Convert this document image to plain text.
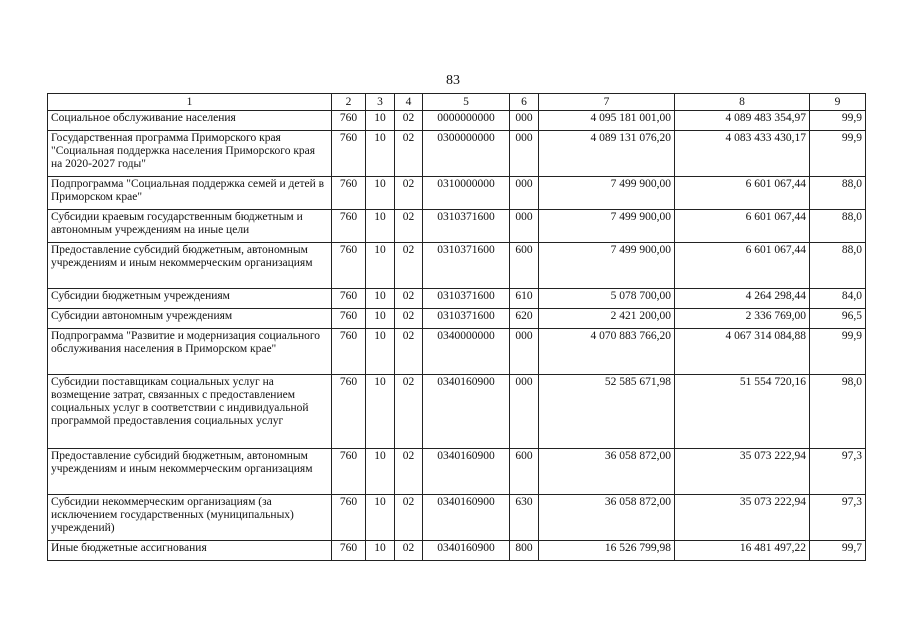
83
1	2	3	4	5	6	7	8	9
Социальное обслуживание населения	760	10	02	0000000000	000	4 095 181 001,00	4 089 483 354,97	99,9
Государственная программа Приморского края "Социальная поддержка населения Приморского края на 2020-2027 годы"	760	10	02	0300000000	000	4 089 131 076,20	4 083 433 430,17	99,9
Подпрограмма "Социальная поддержка семей и детей в Приморском крае"	760	10	02	0310000000	000	7 499 900,00	6 601 067,44	88,0
Субсидии краевым государственным бюджетным и автономным учреждениям на иные цели	760	10	02	0310371600	000	7 499 900,00	6 601 067,44	88,0
Предоставление субсидий бюджетным, автономным учреждениям и иным некоммерческим организациям	760	10	02	0310371600	600	7 499 900,00	6 601 067,44	88,0
Субсидии бюджетным учреждениям	760	10	02	0310371600	610	5 078 700,00	4 264 298,44	84,0
Субсидии автономным учреждениям	760	10	02	0310371600	620	2 421 200,00	2 336 769,00	96,5
Подпрограмма "Развитие и модернизация социального обслуживания населения в Приморском крае"	760	10	02	0340000000	000	4 070 883 766,20	4 067 314 084,88	99,9
Субсидии поставщикам социальных услуг на возмещение затрат, связанных с предоставлением социальных услуг в соответствии с индивидуальной программой предоставления социальных услуг	760	10	02	0340160900	000	52 585 671,98	51 554 720,16	98,0
Предоставление субсидий бюджетным, автономным учреждениям и иным некоммерческим организациям	760	10	02	0340160900	600	36 058 872,00	35 073 222,94	97,3
Субсидии некоммерческим организациям (за исключением государственных (муниципальных) учреждений)	760	10	02	0340160900	630	36 058 872,00	35 073 222,94	97,3
Иные бюджетные ассигнования	760	10	02	0340160900	800	16 526 799,98	16 481 497,22	99,7
